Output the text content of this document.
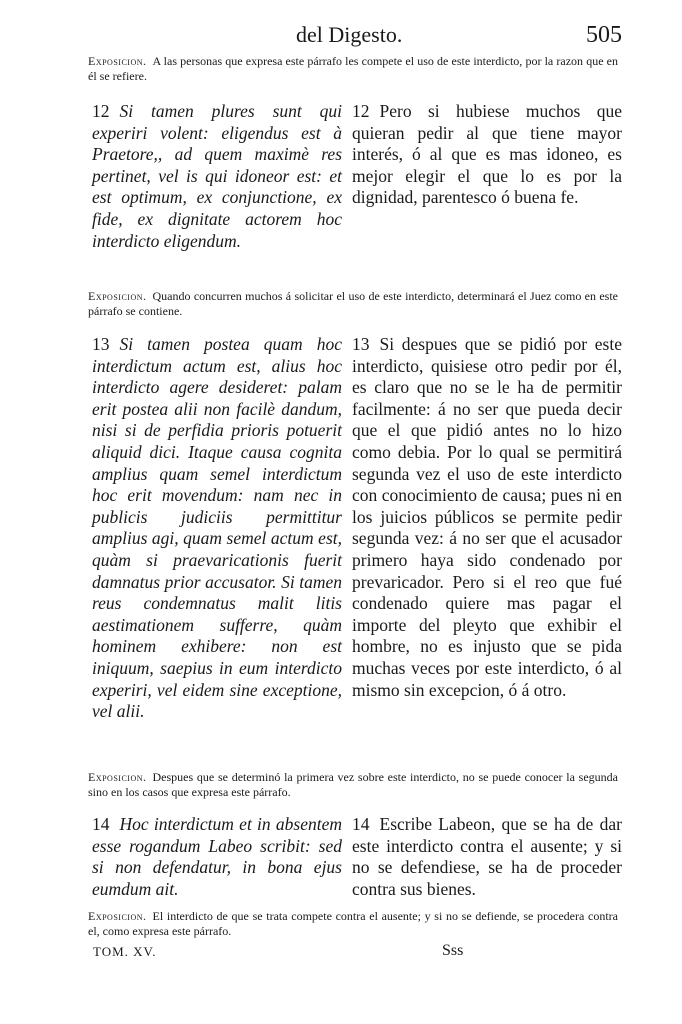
del Digesto.	505
Exposicion. A las personas que expresa este párrafo les compete el uso de este interdicto, por la razon que en él se refiere.
12 Si tamen plures sunt qui experiri volent: eligendus est à Praetore,, ad quem maximè res pertinet, vel is qui idoneor est: et est optimum, ex conjunctione, ex fide, ex dignitate actorem hoc interdicto eligendum.
12 Pero si hubiese muchos que quieran pedir al que tiene mayor interés, ó al que es mas idoneo, es mejor elegir el que lo es por la dignidad, parentesco ó buena fe.
Exposicion. Quando concurren muchos á solicitar el uso de este interdicto, determinará el Juez como en este párrafo se contiene.
13 Si tamen postea quam hoc interdictum actum est, alius hoc interdicto agere desideret: palam erit postea alii non facilè dandum, nisi si de perfidia prioris potuerit aliquid dici. Itaque causa cognita amplius quam semel interdictum hoc erit movendum: nam nec in publicis judiciis permittitur amplius agi, quam semel actum est, quàm si praevaricationis fuerit damnatus prior accusator. Si tamen reus condemnatus malit litis aestimationem sufferre, quàm hominem exhibere: non est iniquum, saepius in eum interdicto experiri, vel eidem sine exceptione, vel alii.
13 Si despues que se pidió por este interdicto, quisiese otro pedir por él, es claro que no se le ha de permitir facilmente: á no ser que pueda decir que el que pidió antes no lo hizo como debia. Por lo qual se permitirá segunda vez el uso de este interdicto con conocimiento de causa; pues ni en los juicios públicos se permite pedir segunda vez: á no ser que el acusador primero haya sido condenado por prevaricador. Pero si el reo que fué condenado quiere mas pagar el importe del pleyto que exhibir el hombre, no es injusto que se pida muchas veces por este interdicto, ó al mismo sin excepcion, ó á otro.
Exposicion. Despues que se determinó la primera vez sobre este interdicto, no se puede conocer la segunda sino en los casos que expresa este párrafo.
14 Hoc interdictum et in absentem esse rogandum Labeo scribit: sed si non defendatur, in bona ejus eumdum ait.
14 Escribe Labeon, que se ha de dar este interdicto contra el ausente; y si no se defendiese, se ha de proceder contra sus bienes.
Exposicion. El interdicto de que se trata compete contra el ausente; y si no se defiende, se procedera contra el, como expresa este párrafo.
TOM. XV.	Sss
